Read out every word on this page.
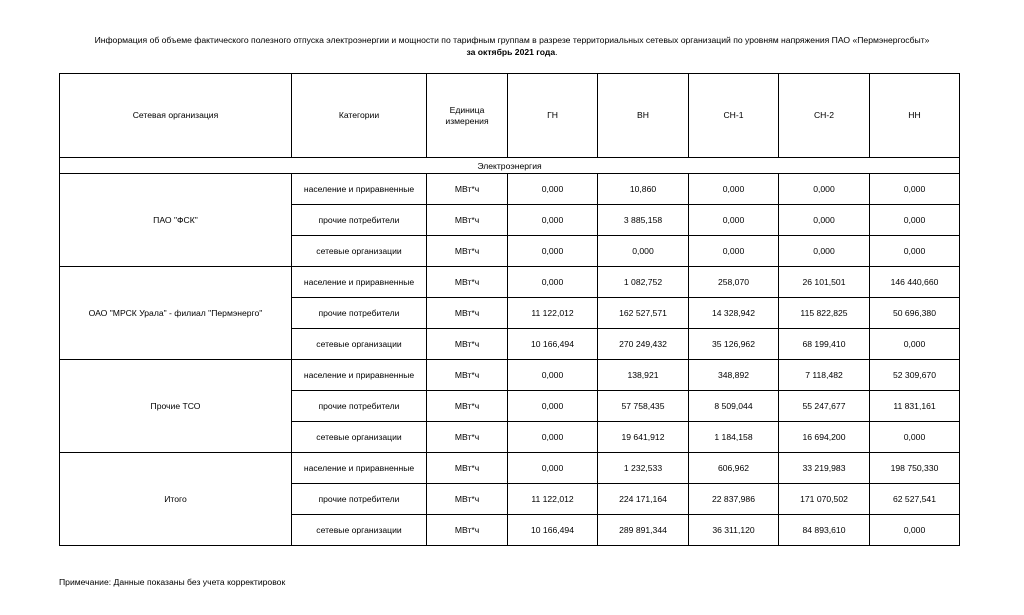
Информация об объеме фактического полезного отпуска электроэнергии и мощности по тарифным группам в разрезе территориальных сетевых организаций по уровням напряжения ПАО «Пермэнергосбыт»
за октябрь 2021 года.
Сетевая организация	Категории	Единица измерения	ГН	ВН	СН-1	СН-2	НН
Электроэнергия							
ПАО "ФСК"	население и приравненные	МВт*ч	0,000	10,860	0,000	0,000	0,000
	прочие потребители	МВт*ч	0,000	3 885,158	0,000	0,000	0,000
	сетевые организации	МВт*ч	0,000	0,000	0,000	0,000	0,000
ОАО "МРСК Урала" - филиал "Пермэнерго"	население и приравненные	МВт*ч	0,000	1 082,752	258,070	26 101,501	146 440,660
	прочие потребители	МВт*ч	11 122,012	162 527,571	14 328,942	115 822,825	50 696,380
	сетевые организации	МВт*ч	10 166,494	270 249,432	35 126,962	68 199,410	0,000
Прочие ТСО	население и приравненные	МВт*ч	0,000	138,921	348,892	7 118,482	52 309,670
	прочие потребители	МВт*ч	0,000	57 758,435	8 509,044	55 247,677	11 831,161
	сетевые организации	МВт*ч	0,000	19 641,912	1 184,158	16 694,200	0,000
Итого	население и приравненные	МВт*ч	0,000	1 232,533	606,962	33 219,983	198 750,330
	прочие потребители	МВт*ч	11 122,012	224 171,164	22 837,986	171 070,502	62 527,541
	сетевые организации	МВт*ч	10 166,494	289 891,344	36 311,120	84 893,610	0,000
Примечание: Данные показаны без учета корректировок
